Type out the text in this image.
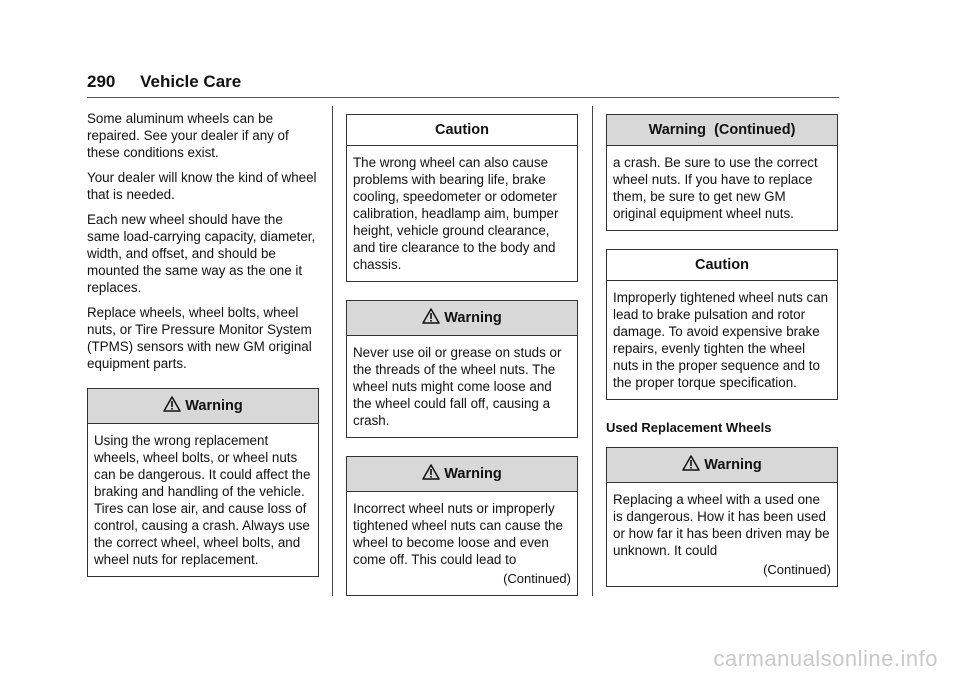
290 Vehicle Care

Some aluminum wheels can be repaired. See your dealer if any of these conditions exist.

Your dealer will know the kind of wheel that is needed.

Each new wheel should have the same load-carrying capacity, diameter, width, and offset, and should be mounted the same way as the one it replaces.

Replace wheels, wheel bolts, wheel nuts, or Tire Pressure Monitor System (TPMS) sensors with new GM original equipment parts.

Warning
Using the wrong replacement wheels, wheel bolts, or wheel nuts can be dangerous. It could affect the braking and handling of the vehicle. Tires can lose air, and cause loss of control, causing a crash. Always use the correct wheel, wheel bolts, and wheel nuts for replacement.
Caution
The wrong wheel can also cause problems with bearing life, brake cooling, speedometer or odometer calibration, headlamp aim, bumper height, vehicle ground clearance, and tire clearance to the body and chassis.
Warning
Never use oil or grease on studs or the threads of the wheel nuts. The wheel nuts might come loose and the wheel could fall off, causing a crash.
Warning
Incorrect wheel nuts or improperly tightened wheel nuts can cause the wheel to become loose and even come off. This could lead to
(Continued)
Warning  (Continued)
a crash. Be sure to use the correct wheel nuts. If you have to replace them, be sure to get new GM original equipment wheel nuts.
Caution
Improperly tightened wheel nuts can lead to brake pulsation and rotor damage. To avoid expensive brake repairs, evenly tighten the wheel nuts in the proper sequence and to the proper torque specification.
Used Replacement Wheels
Warning
Replacing a wheel with a used one is dangerous. How it has been used or how far it has been driven may be unknown. It could
(Continued)
carmanualsonline.info
